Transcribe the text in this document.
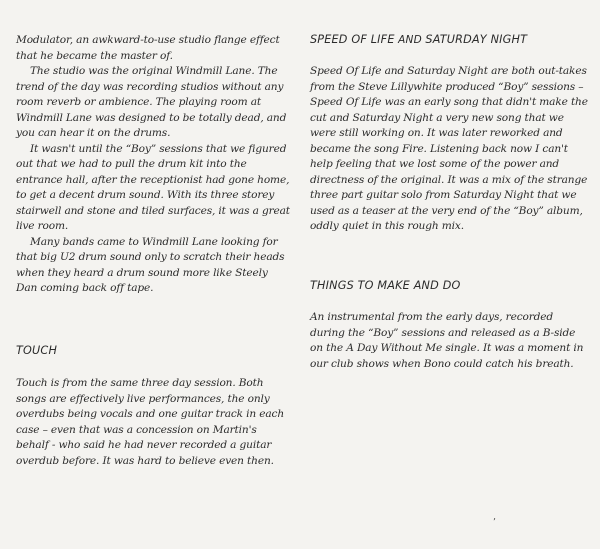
Modulator, an awkward-to-use studio flange effect that he became the master of.

The studio was the original Windmill Lane. The trend of the day was recording studios without any room reverb or ambience. The playing room at Windmill Lane was designed to be totally dead, and you can hear it on the drums.

It wasn't until the “Boy” sessions that we figured out that we had to pull the drum kit into the entrance hall, after the receptionist had gone home, to get a decent drum sound. With its three storey stairwell and stone and tiled surfaces, it was a great live room.

Many bands came to Windmill Lane looking for that big U2 drum sound only to scratch their heads when they heard a drum sound more like Steely Dan coming back off tape.

TOUCH

Touch is from the same three day session. Both songs are effectively live performances, the only overdubs being vocals and one guitar track in each case – even that was a concession on Martin's behalf - who said he had never recorded a guitar overdub before. It was hard to believe even then.

SPEED OF LIFE AND SATURDAY NIGHT

Speed Of Life and Saturday Night are both out-takes from the Steve Lillywhite produced “Boy” sessions – Speed Of Life was an early song that didn't make the cut and Saturday Night a very new song that we were still working on. It was later reworked and became the song Fire. Listening back now I can't help feeling that we lost some of the power and directness of the original. It was a mix of the strange three part guitar solo from Saturday Night that we used as a teaser at the very end of the “Boy” album, oddly quiet in this rough mix.

THINGS TO MAKE AND DO

An instrumental from the early days, recorded during the “Boy” sessions and released as a B-side on the A Day Without Me single. It was a moment in our club shows when Bono could catch his breath.

’
